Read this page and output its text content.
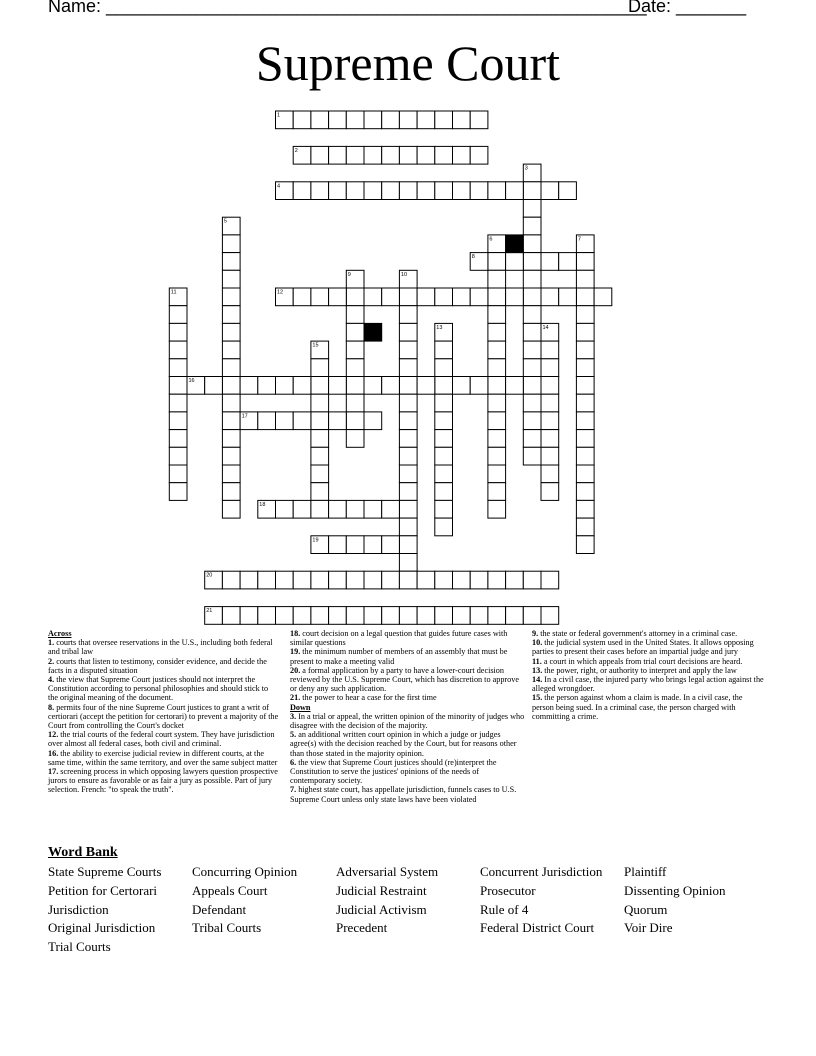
Name: ______________________________________________________
Date: _______
Supreme Court
1
2
3
4
5
6	7
8
9	10
11	12
13	14
15
16
17
18
19
20
21

Across

1. courts that oversee reservations in the U.S., including both federal and tribal law

2. courts that listen to testimony, consider evidence, and decide the facts in a disputed situation

4. the view that Supreme Court justices should not interpret the Constitution according to personal philosophies and should stick to the original meaning of the document.

8. permits four of the nine Supreme Court justices to grant a writ of certiorari (accept the petition for certorari) to prevent a majority of the Court from controlling the Court's docket

12. the trial courts of the federal court system. They have jurisdiction over almost all federal cases, both civil and criminal.

16. the ability to exercise judicial review in different courts, at the same time, within the same territory, and over the same subject matter

17. screening process in which opposing lawyers question prospective jurors to ensure as favorable or as fair a jury as possible. Part of jury selection. French: "to speak the truth".

18. court decision on a legal question that guides future cases with similar questions

19. the minimum number of members of an assembly that must be present to make a meeting valid

20. a formal application by a party to have a lower-court decision reviewed by the U.S. Supreme Court, which has discretion to approve or deny any such application.

21. the power to hear a case for the first time

Down

3. In a trial or appeal, the written opinion of the minority of judges who disagree with the decision of the majority.

5. an additional written court opinion in which a judge or judges agree(s) with the decision reached by the Court, but for reasons other than those stated in the majority opinion.

6. the view that Supreme Court justices should (re)interpret the Constitution to serve the justices' opinions of the needs of contemporary society.

7. highest state court, has appellate jurisdiction, funnels cases to U.S. Supreme Court unless only state laws have been violated

9. the state or federal government's attorney in a criminal case.

10. the judicial system used in the United States. It allows opposing parties to present their cases before an impartial judge and jury

11. a court in which appeals from trial court decisions are heard.

13. the power, right, or authority to interpret and apply the law

14. In a civil case, the injured party who brings legal action against the alleged wrongdoer.

15. the person against whom a claim is made. In a civil case, the person being sued. In a criminal case, the person charged with committing a crime.

Word Bank
State Supreme Courts
Petition for Certorari
Jurisdiction
Original Jurisdiction
Trial Courts
Concurring Opinion
Appeals Court
Defendant
Tribal Courts
Adversarial System
Judicial Restraint
Judicial Activism
Precedent
Concurrent Jurisdiction
Prosecutor
Rule of 4
Federal District Court
Plaintiff
Dissenting Opinion
Quorum
Voir Dire
